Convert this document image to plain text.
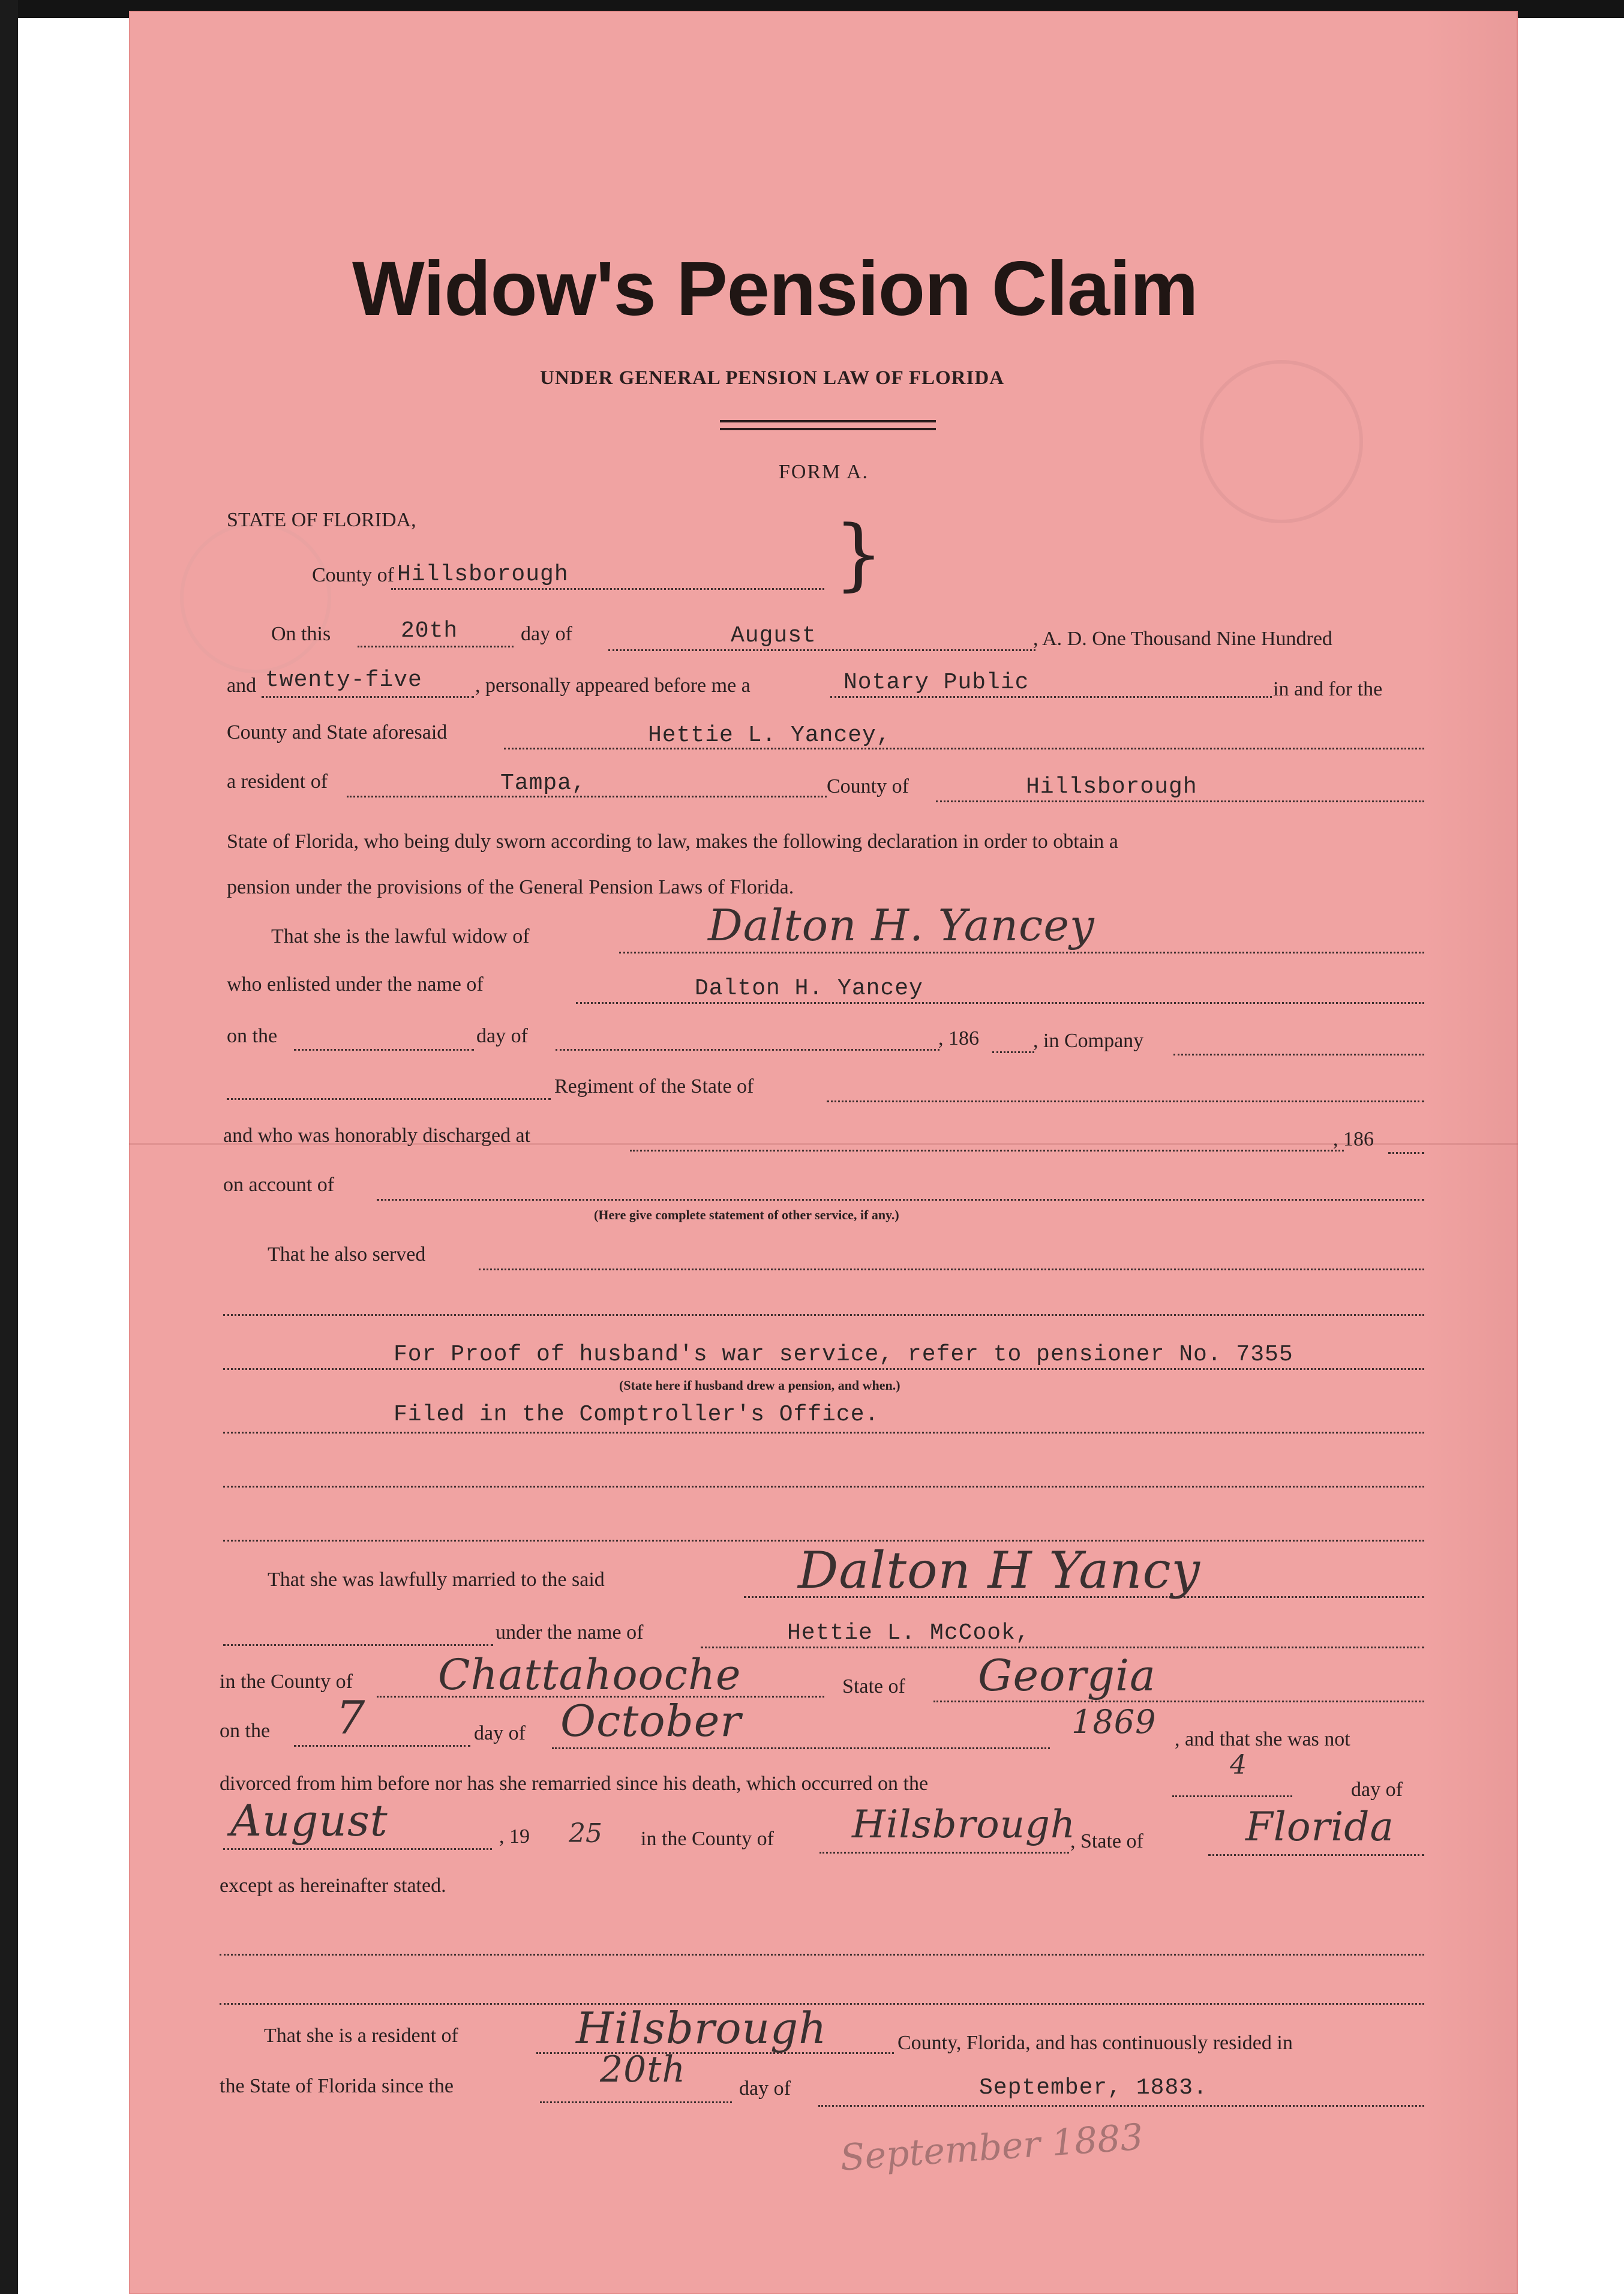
Widow's Pension Claim
UNDER GENERAL PENSION LAW OF FLORIDA
FORM A.
STATE OF FLORIDA,
County of Hillsborough	}
On this	20th	day of	August	, A. D. One Thousand Nine Hundred
and twenty-five	, personally appeared before me a	Notary Public	in and for the
County and State aforesaid	Hettie L. Yancey,
a resident of	Tampa,	County of	Hillsborough
State of Florida, who being duly sworn according to law, makes the following declaration in order to obtain a
pension under the provisions of the General Pension Laws of Florida.
That she is the lawful widow of	Dalton H. Yancey
who enlisted under the name of	Dalton H. Yancey
on the	day of	, 186	, in Company
Regiment of the State of
and who was honorably discharged at	, 186
on account of
(Here give complete statement of other service, if any.)
That he also served
For Proof of husband's war service, refer to pensioner No. 7355
(State here if husband drew a pension, and when.)
Filed in the Comptroller's Office.
That she was lawfully married to the said	Dalton H Yancy
under the name of	Hettie L. McCook,
in the County of Chattahooche	State of Georgia
on the 7	day of October	1869 , and that she was not
divorced from him before nor has she remarried since his death, which occurred on the
4
day of
August	, 19 25 in the County of Hilsbrough
, State of	Florida
except as hereinafter stated.
That she is a resident of	Hilsbrough	County, Florida, and has continuously resided in
the State of Florida since the	20th	day of	September, 1883.
September 1883
